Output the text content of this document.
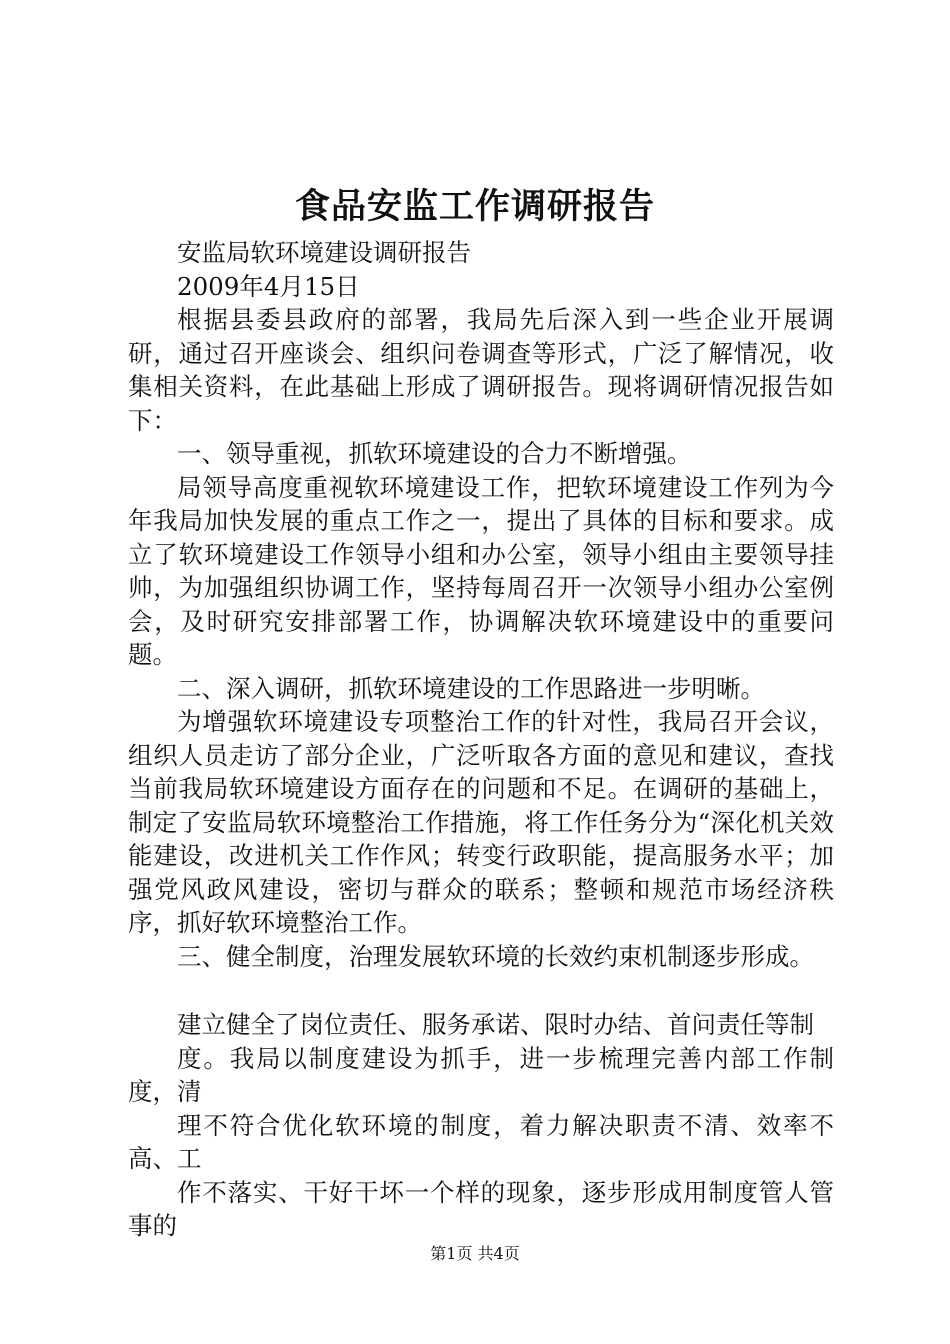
食品安监工作调研报告

安监局软环境建设调研报告

2009年4月15日

根据县委县政府的部署，我局先后深入到一些企业开展调研，通过召开座谈会、组织问卷调查等形式，广泛了解情况，收集相关资料，在此基础上形成了调研报告。现将调研情况报告如下：

一、领导重视，抓软环境建设的合力不断增强。

局领导高度重视软环境建设工作，把软环境建设工作列为今年我局加快发展的重点工作之一，提出了具体的目标和要求。成立了软环境建设工作领导小组和办公室，领导小组由主要领导挂帅，为加强组织协调工作，坚持每周召开一次领导小组办公室例会，及时研究安排部署工作，协调解决软环境建设中的重要问题。

二、深入调研，抓软环境建设的工作思路进一步明晰。

为增强软环境建设专项整治工作的针对性，我局召开会议，组织人员走访了部分企业，广泛听取各方面的意见和建议，查找当前我局软环境建设方面存在的问题和不足。在调研的基础上，制定了安监局软环境整治工作措施，将工作任务分为“深化机关效能建设，改进机关工作作风；转变行政职能，提高服务水平；加强党风政风建设，密切与群众的联系；整顿和规范市场经济秩序，抓好软环境整治工作。

三、健全制度，治理发展软环境的长效约束机制逐步形成。

建立健全了岗位责任、服务承诺、限时办结、首问责任等制

度。我局以制度建设为抓手，进一步梳理完善内部工作制度，清

理不符合优化软环境的制度，着力解决职责不清、效率不高、工

作不落实、干好干坏一个样的现象，逐步形成用制度管人管事的

第1页 共4页
